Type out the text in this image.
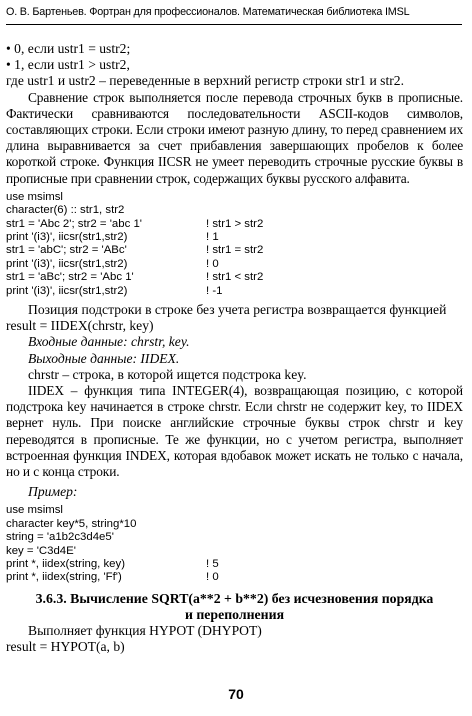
О. В. Бартеньев. Фортран для профессионалов. Математическая библиотека IMSL

• 0, если ustr1 = ustr2;

• 1, если ustr1 > ustr2,

где ustr1 и ustr2 – переведенные в верхний регистр строки str1 и str2.

Сравнение строк выполняется после перевода строчных букв в прописные. Фактически сравниваются последовательности ASCII-кодов символов, составляющих строки. Если строки имеют разную длину, то перед сравнением их длина выравнивается за счет прибавления завершающих пробелов к более короткой строке. Функция IICSR не умеет переводить строчные русские буквы в прописные при сравнении строк, содержащих буквы русского алфавита.

use msimsl
character(6) :: str1, str2
str1 = 'Abc 2'; str2 = 'abc 1'	! str1 > str2
print '(i3)', iicsr(str1,str2)	! 1
str1 = 'abC'; str2 = 'ABc'	! str1 = str2
print '(i3)', iicsr(str1,str2)	! 0
str1 = 'aBc'; str2 = 'Abc 1'	! str1 < str2
print '(i3)', iicsr(str1,str2)	! -1

Позиция подстроки в строке без учета регистра возвращается функцией

result = IIDEX(chrstr, key)

Входные данные: chrstr, key.

Выходные данные: IIDEX.

chrstr – строка, в которой ищется подстрока key.

IIDEX – функция типа INTEGER(4), возвращающая позицию, с которой подстрока key начинается в строке chrstr. Если chrstr не содержит key, то IIDEX вернет нуль. При поиске английские строчные буквы строк chrstr и key переводятся в прописные. Те же функции, но с учетом регистра, выполняет встроенная функция INDEX, которая вдобавок может искать не только с начала, но и с конца строки.

Пример:

use msimsl
character key*5, string*10
string = 'a1b2c3d4e5'
key = 'C3d4E'
print *, iidex(string, key)	! 5
print *, iidex(string, 'Ff')	! 0

3.6.3. Вычисление SQRT(a**2 + b**2) без исчезновения порядка

и переполнения

Выполняет функция HYPOT (DHYPOT)

result = HYPOT(a, b)

70
